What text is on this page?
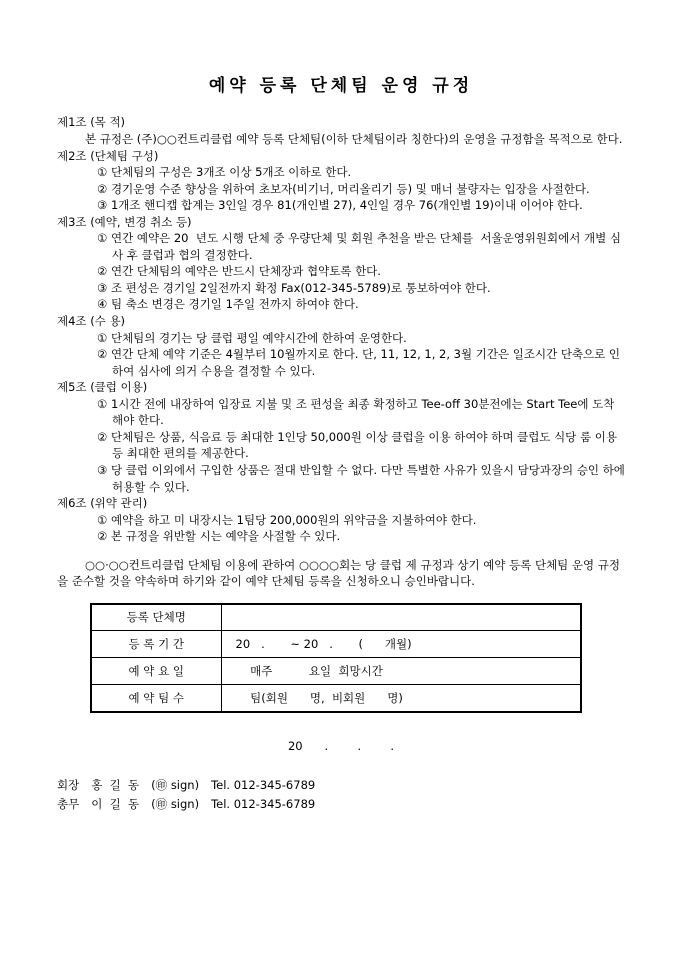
예약 등록 단체팀 운영 규정
제1조 (목 적)

본 규정은 (주)○○컨트리클럽 예약 등록 단체팀(이하 단체팀이라 칭한다)의 운영을 규정함을 목적으로 한다.

제2조 (단체팀 구성)

① 단체팀의 구성은 3개조 이상 5개조 이하로 한다.

② 경기운영 수준 향상을 위하여 초보자(비기너, 머리올리기 등) 및 매너 불량자는 입장을 사절한다.

③ 1개조 핸디캡 합계는 3인일 경우 81(개인별 27), 4인일 경우 76(개인별 19)이내 이어야 한다.

제3조 (예약, 변경 취소 등)

① 연간 예약은 20  년도 시행 단체 중 우량단체 및 회원 추천을 받은 단체를  서울운영위원회에서 개별 심사 후 클럽과 협의 결정한다.

② 연간 단체팀의 예약은 반드시 단체장과 협약토록 한다.

③ 조 편성은 경기일 2일전까지 확정 Fax(012-345-5789)로 통보하여야 한다.

④ 팀 축소 변경은 경기일 1주일 전까지 하여야 한다.

제4조 (수 용)

① 단체팀의 경기는 당 클럽 평일 예약시간에 한하여 운영한다.

② 연간 단체 예약 기준은 4월부터 10월까지로 한다. 단, 11, 12, 1, 2, 3월 기간은 일조시간 단축으로 인하여 심사에 의거 수용을 결정할 수 있다.

제5조 (클럽 이용)

① 1시간 전에 내장하여 입장료 지불 및 조 편성을 최종 확정하고 Tee-off 30분전에는 Start Tee에 도착해야 한다.

② 단체팀은 상품, 식음료 등 최대한 1인당 50,000원 이상 클럽을 이용 하여야 하며 클럽도 식당 룸 이용 등 최대한 편의를 제공한다.

③ 당 클럽 이외에서 구입한 상품은 절대 반입할 수 없다. 다만 특별한 사유가 있을시 담당과장의 승인 하에 허용할 수 있다.

제6조 (위약 관리)

① 예약을 하고 미 내장시는 1팀당 200,000원의 위약금을 지불하여야 한다.

② 본 규정을 위반할 시는 예약을 사절할 수 있다.

○○·○○컨트리클럽 단체팀 이용에 관하여 ○○○○회는 당 클럽 제 규정과 상기 예약 등록 단체팀 운영 규정을 준수할 것을 약속하며 하기와 같이 예약 단체팀 등록을 신청하오니 승인바랍니다.

등록 단체명	
등 록 기 간	20   .       ~ 20   .       (      개월)
예 약 요 일	매주          요일  희망시간
예 약 팀 수	팀(회원      명,  비회원      명)
20      .        .        .
회장 홍  길  동 (㊞ sign) Tel. 012-345-6789
총무 이  길  동 (㊞ sign) Tel. 012-345-6789
